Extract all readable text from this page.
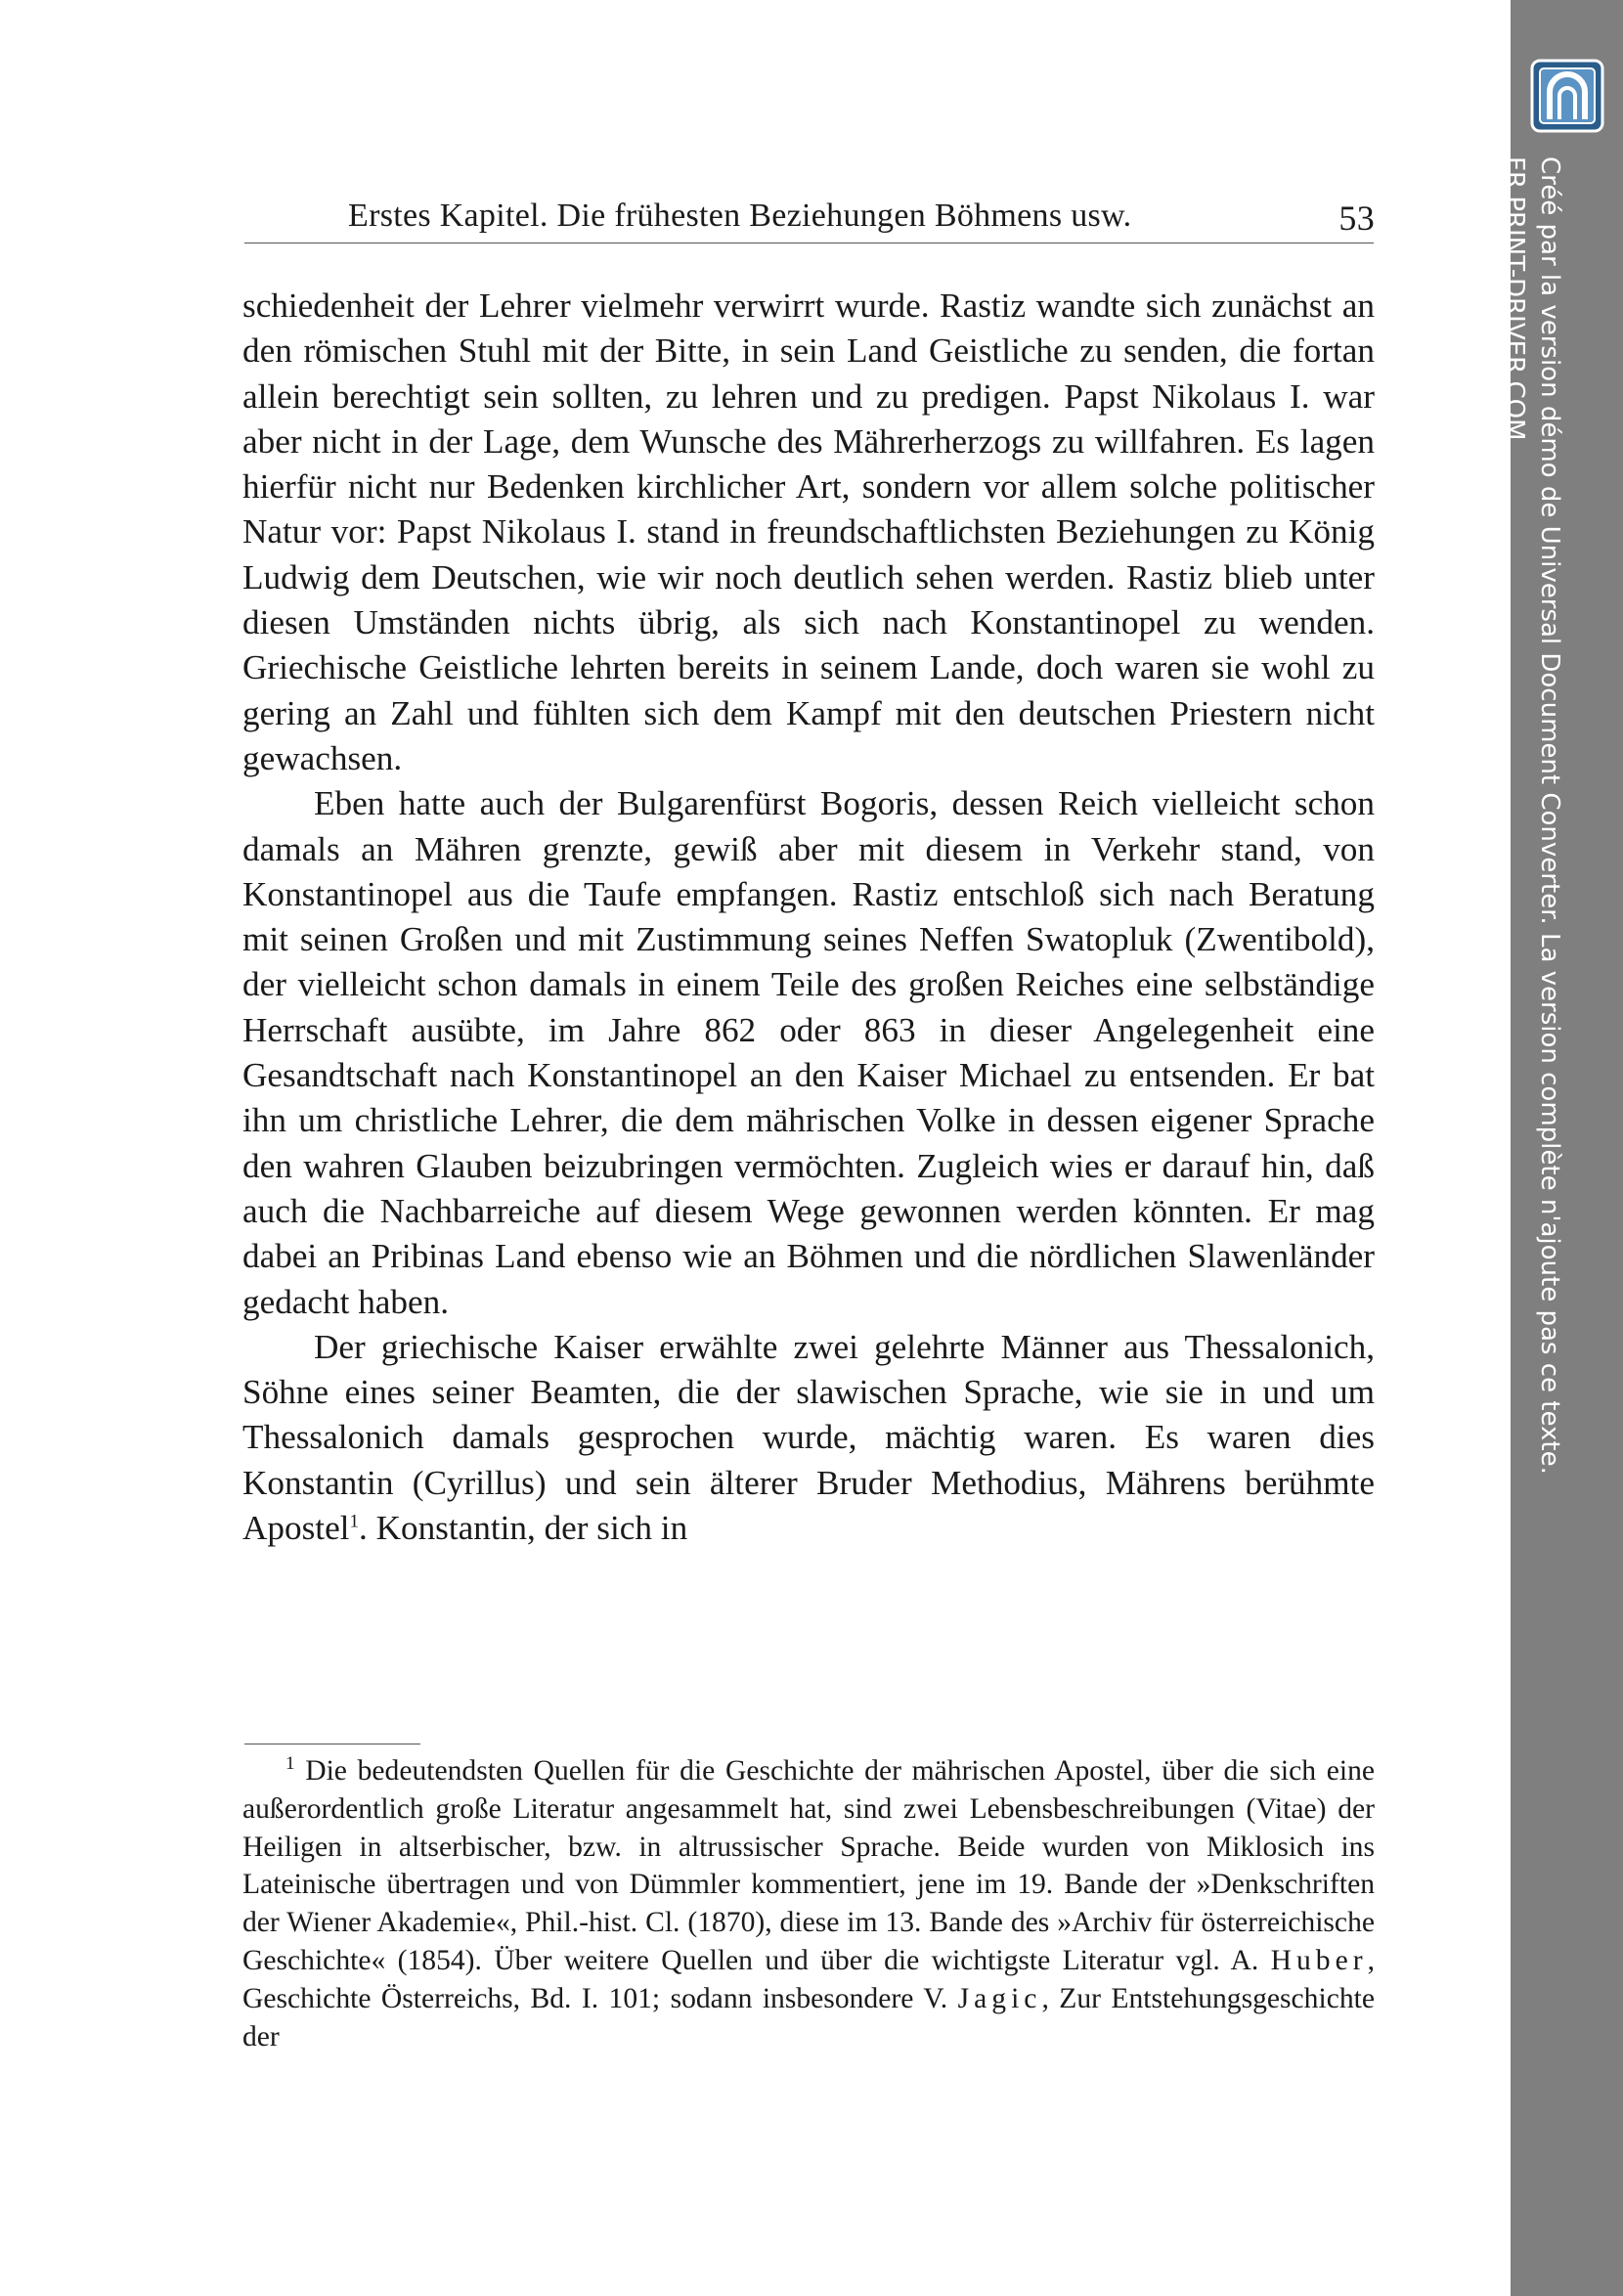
Erstes Kapitel. Die frühesten Beziehungen Böhmens usw.	53

schiedenheit der Lehrer vielmehr verwirrt wurde. Rastiz wandte sich zunächst an den römischen Stuhl mit der Bitte, in sein Land Geistliche zu senden, die fortan allein berechtigt sein sollten, zu lehren und zu predigen. Papst Nikolaus I. war aber nicht in der Lage, dem Wunsche des Mährerherzogs zu willfahren. Es lagen hierfür nicht nur Bedenken kirchlicher Art, sondern vor allem solche politischer Natur vor: Papst Nikolaus I. stand in freundschaftlichsten Beziehungen zu König Ludwig dem Deutschen, wie wir noch deutlich sehen werden. Rastiz blieb unter diesen Umständen nichts übrig, als sich nach Konstantinopel zu wenden. Griechische Geistliche lehrten bereits in seinem Lande, doch waren sie wohl zu gering an Zahl und fühlten sich dem Kampf mit den deutschen Priestern nicht gewachsen.

Eben hatte auch der Bulgarenfürst Bogoris, dessen Reich vielleicht schon damals an Mähren grenzte, gewiß aber mit diesem in Verkehr stand, von Konstantinopel aus die Taufe empfangen. Rastiz entschloß sich nach Beratung mit seinen Großen und mit Zustimmung seines Neffen Swatopluk (Zwentibold), der vielleicht schon damals in einem Teile des großen Reiches eine selbständige Herrschaft ausübte, im Jahre 862 oder 863 in dieser Angelegenheit eine Gesandtschaft nach Konstantinopel an den Kaiser Michael zu entsenden. Er bat ihn um christliche Lehrer, die dem mährischen Volke in dessen eigener Sprache den wahren Glauben beizubringen vermöchten. Zugleich wies er darauf hin, daß auch die Nachbarreiche auf diesem Wege gewonnen werden könnten. Er mag dabei an Pribinas Land ebenso wie an Böhmen und die nördlichen Slawenländer gedacht haben.

Der griechische Kaiser erwählte zwei gelehrte Männer aus Thessalonich, Söhne eines seiner Beamten, die der slawischen Sprache, wie sie in und um Thessalonich damals gesprochen wurde, mächtig waren. Es waren dies Konstantin (Cyrillus) und sein älterer Bruder Methodius, Mährens berühmte Apostel$^1$. Konstantin, der sich in

$^1$ Die bedeutendsten Quellen für die Geschichte der mährischen Apostel, über die sich eine außerordentlich große Literatur angesammelt hat, sind zwei Lebensbeschreibungen (Vitae) der Heiligen in altserbischer, bzw. in altrussischer Sprache. Beide wurden von Miklosich ins Lateinische übertragen und von Dümmler kommentiert, jene im 19. Bande der »Denkschriften der Wiener Akademie«, Phil.-hist. Cl. (1870), diese im 13. Bande des »Archiv für österreichische Geschichte« (1854). Über weitere Quellen und über die wichtigste Literatur vgl. A. Huber, Geschichte Österreichs, Bd. I. 101; sodann insbesondere V. Jagic, Zur Entstehungsgeschichte der

Créé par la version démo de Universal Document Converter. La version complète n'ajoute pas ce texte.
FR.PRINT-DRIVER.COM
